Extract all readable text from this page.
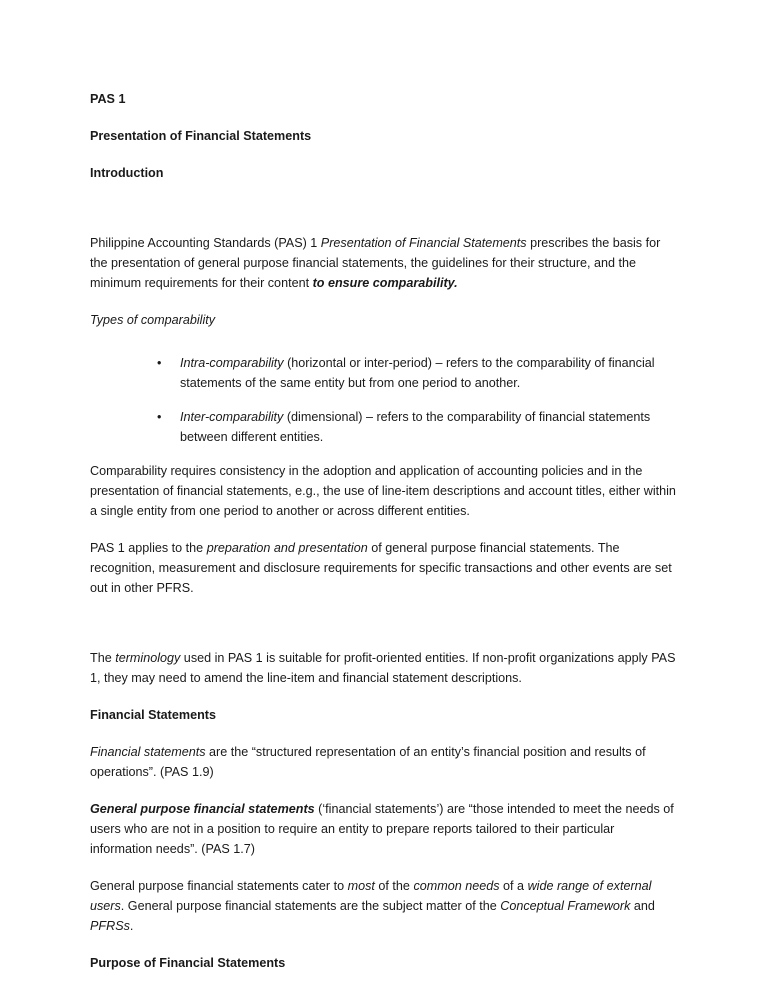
PAS 1

Presentation of Financial Statements

Introduction

Philippine Accounting Standards (PAS) 1 Presentation of Financial Statements prescribes the basis for the presentation of general purpose financial statements, the guidelines for their structure, and the minimum requirements for their content to ensure comparability.

Types of comparability

• Intra-comparability (horizontal or inter-period) – refers to the comparability of financial statements of the same entity but from one period to another.
• Inter-comparability (dimensional) – refers to the comparability of financial statements between different entities.

Comparability requires consistency in the adoption and application of accounting policies and in the presentation of financial statements, e.g., the use of line-item descriptions and account titles, either within a single entity from one period to another or across different entities.

PAS 1 applies to the preparation and presentation of general purpose financial statements. The recognition, measurement and disclosure requirements for specific transactions and other events are set out in other PFRS.

The terminology used in PAS 1 is suitable for profit-oriented entities. If non-profit organizations apply PAS 1, they may need to amend the line-item and financial statement descriptions.

Financial Statements

Financial statements are the “structured representation of an entity’s financial position and results of operations”. (PAS 1.9)

General purpose financial statements (‘financial statements’) are “those intended to meet the needs of users who are not in a position to require an entity to prepare reports tailored to their particular information needs”. (PAS 1.7)

General purpose financial statements cater to most of the common needs of a wide range of external users. General purpose financial statements are the subject matter of the Conceptual Framework and PFRSs.

Purpose of Financial Statements
